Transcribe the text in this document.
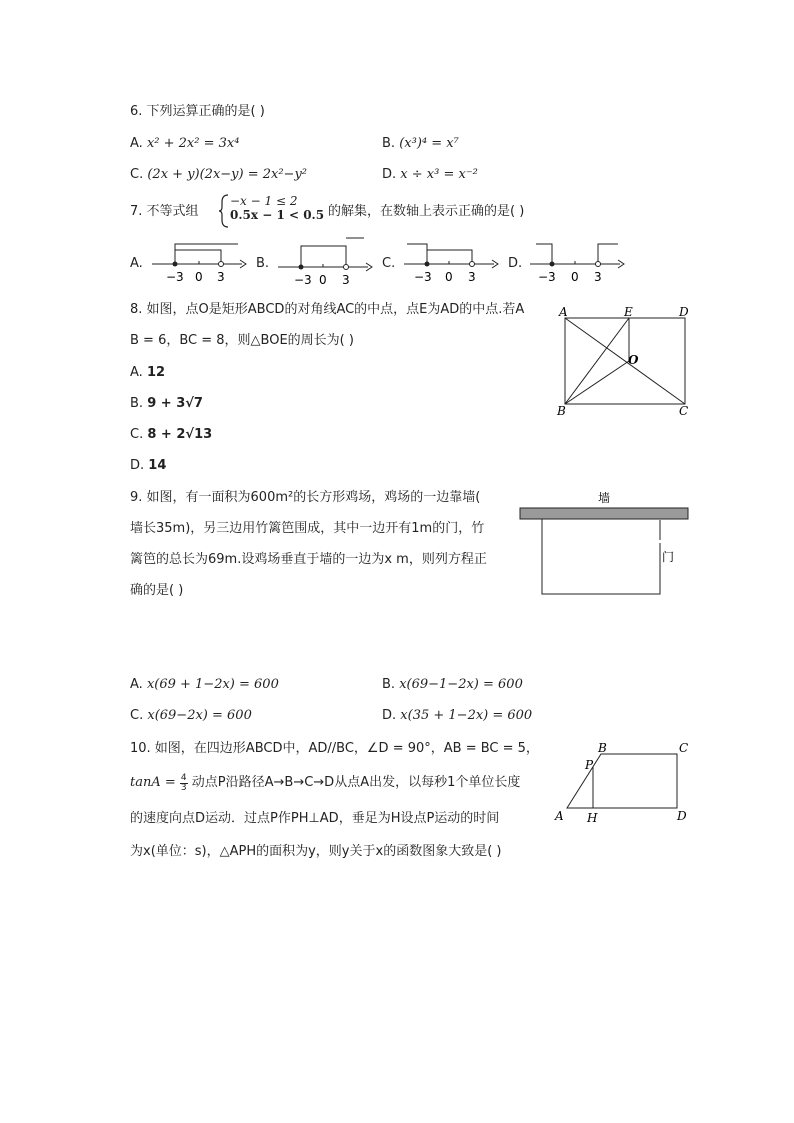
6. 下列运算正确的是( )
A. x² + 2x² = 3x⁴	B. (x³)⁴ = x⁷
C. (2x + y)(2x−y) = 2x²−y²	D. x ÷ x³ = x⁻²
7. 不等式组
−x − 1 ≤ 2
0.5x − 1 < 0.5 的解集，在数轴上表示正确的是( )
A.
−3 0 3
B.
−3 0 3
C.
−3 0 3
D.
−3 0 3
8. 如图，点O是矩形ABCD的对角线AC的中点，点E为AD的中点.若A
B = 6，BC = 8，则△BOE的周长为( )
A. 12
B. 9 + 3√7
C. 8 + 2√13
D. 14
A	E	D
O
B	C
9. 如图，有一面积为600m²的长方形鸡场，鸡场的一边靠墙(
墙长35m)，另三边用竹篱笆围成，其中一边开有1m的门，竹
篱笆的总长为69m.设鸡场垂直于墙的一边为x m，则列方程正
确的是( )
墙
门
A. x(69 + 1−2x) = 600	B. x(69−1−2x) = 600
C. x(69−2x) = 600	D. x(35 + 1−2x) = 600
10. 如图，在四边形ABCD中，AD//BC，∠D = 90°，AB = BC = 5，
$\tan A = \frac{4}{3}$ 动点P沿路径A→B→C→D从点A出发，以每秒1个单位长度
的速度向点D运动．过点P作PH⊥AD，垂足为H设点P运动的时间
为x(单位：s)，△APH的面积为y，则y关于x的函数图象大致是( )
B	C
P
A H	D
